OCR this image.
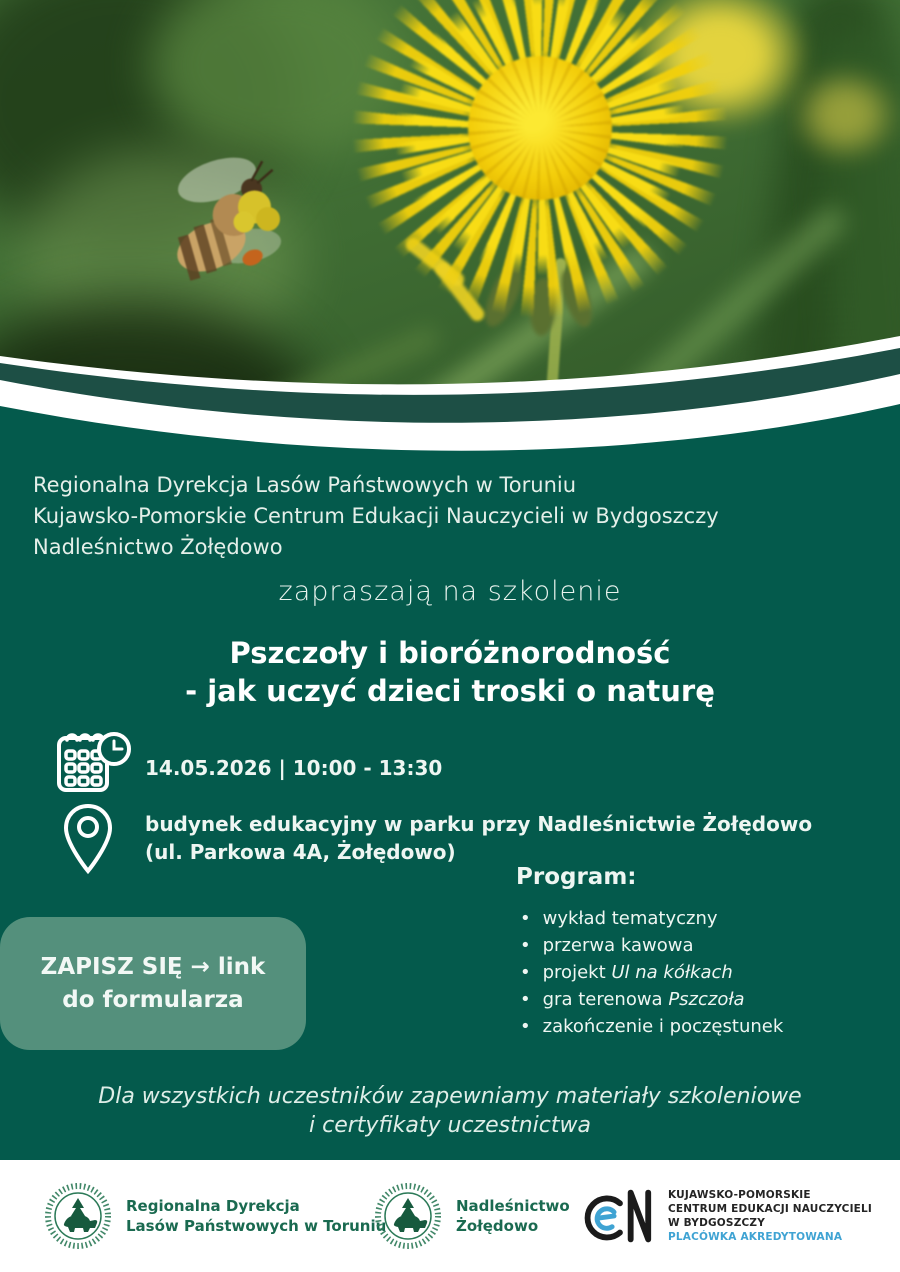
Regionalna Dyrekcja Lasów Państwowych w Toruniu
Kujawsko-Pomorskie Centrum Edukacji Nauczycieli w Bydgoszczy
Nadleśnictwo Żołędowo
zapraszają na szkolenie
Pszczoły i bioróżnorodność
- jak uczyć dzieci troski o naturę
14.05.2026 | 10:00 - 13:30
budynek edukacyjny w parku przy Nadleśnictwie Żołędowo
(ul. Parkowa 4A, Żołędowo)
Program:
• wykład tematyczny
• przerwa kawowa
• projekt Ul na kółkach
• gra terenowa Pszczoła
• zakończenie i poczęstunek
ZAPISZ SIĘ → link
do formularza
Dla wszystkich uczestników zapewniamy materiały szkoleniowe
i certyfikaty uczestnictwa
Regionalna Dyrekcja
Lasów Państwowych w Toruniu
Nadleśnictwo
Żołędowo
KUJAWSKO-POMORSKIE
CENTRUM EDUKACJI NAUCZYCIELI
W BYDGOSZCZY
PLACÓWKA AKREDYTOWANA
